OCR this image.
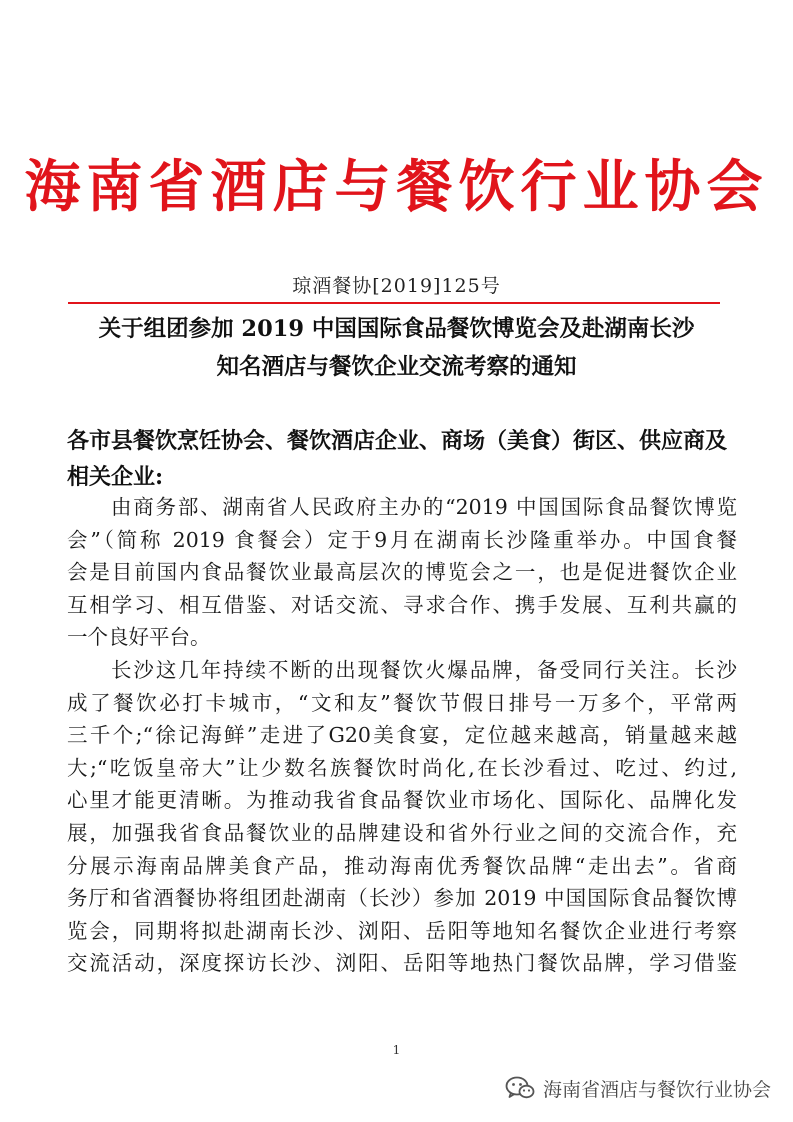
海南省酒店与餐饮行业协会
琼酒餐协[2019]125号
关于组团参加 2019 中国国际食品餐饮博览会及赴湖南长沙
知名酒店与餐饮企业交流考察的通知
各市县餐饮烹饪协会、餐饮酒店企业、商场（美食）街区、供应商及
相关企业:
由商务部、湖南省人民政府主办的“2019 中国国际食品餐饮博览
会”（简称 2019 食餐会）定于9月在湖南长沙隆重举办。中国食餐
会是目前国内食品餐饮业最高层次的博览会之一，也是促进餐饮企业
互相学习、相互借鉴、对话交流、寻求合作、携手发展、互利共赢的
一个良好平台。
长沙这几年持续不断的出现餐饮火爆品牌，备受同行关注。长沙
成了餐饮必打卡城市，“文和友”餐饮节假日排号一万多个，平常两
三千个;“徐记海鲜”走进了G20美食宴，定位越来越高，销量越来越
大;“吃饭皇帝大”让少数名族餐饮时尚化,在长沙看过、吃过、约过,
心里才能更清晰。为推动我省食品餐饮业市场化、国际化、品牌化发
展，加强我省食品餐饮业的品牌建设和省外行业之间的交流合作，充
分展示海南品牌美食产品，推动海南优秀餐饮品牌“走出去”。省商
务厅和省酒餐协将组团赴湖南（长沙）参加 2019 中国国际食品餐饮博
览会，同期将拟赴湖南长沙、浏阳、岳阳等地知名餐饮企业进行考察
交流活动，深度探访长沙、浏阳、岳阳等地热门餐饮品牌，学习借鉴
1
海南省酒店与餐饮行业协会
